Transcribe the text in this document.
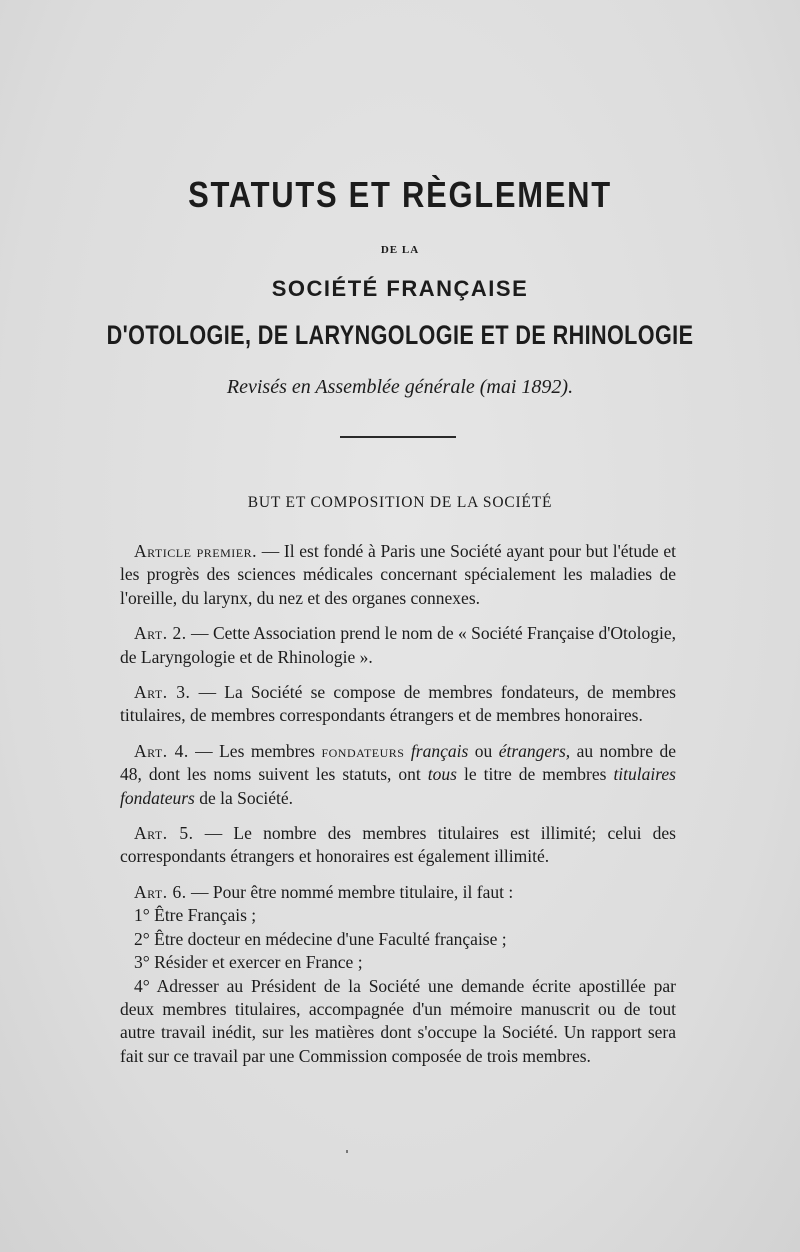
STATUTS ET RÈGLEMENT
DE LA
SOCIÉTÉ FRANÇAISE
D'OTOLOGIE, DE LARYNGOLOGIE ET DE RHINOLOGIE
Revisés en Assemblée générale (mai 1892).
BUT ET COMPOSITION DE LA SOCIÉTÉ

Article premier. — Il est fondé à Paris une Société ayant pour but l'étude et les progrès des sciences médicales concernant spécialement les maladies de l'oreille, du larynx, du nez et des organes connexes.

Art. 2. — Cette Association prend le nom de « Société Française d'Otologie, de Laryngologie et de Rhinologie ».

Art. 3. — La Société se compose de membres fondateurs, de membres titulaires, de membres correspondants étrangers et de membres honoraires.

Art. 4. — Les membres fondateurs français ou étrangers, au nombre de 48, dont les noms suivent les statuts, ont tous le titre de membres titulaires fondateurs de la Société.

Art. 5. — Le nombre des membres titulaires est illimité; celui des correspondants étrangers et honoraires est également illimité.

Art. 6. — Pour être nommé membre titulaire, il faut :

1° Être Français ;

2° Être docteur en médecine d'une Faculté française ;

3° Résider et exercer en France ;

4° Adresser au Président de la Société une demande écrite apostillée par deux membres titulaires, accompagnée d'un mémoire manuscrit ou de tout autre travail inédit, sur les matières dont s'occupe la Société. Un rapport sera fait sur ce travail par une Commission composée de trois membres.
